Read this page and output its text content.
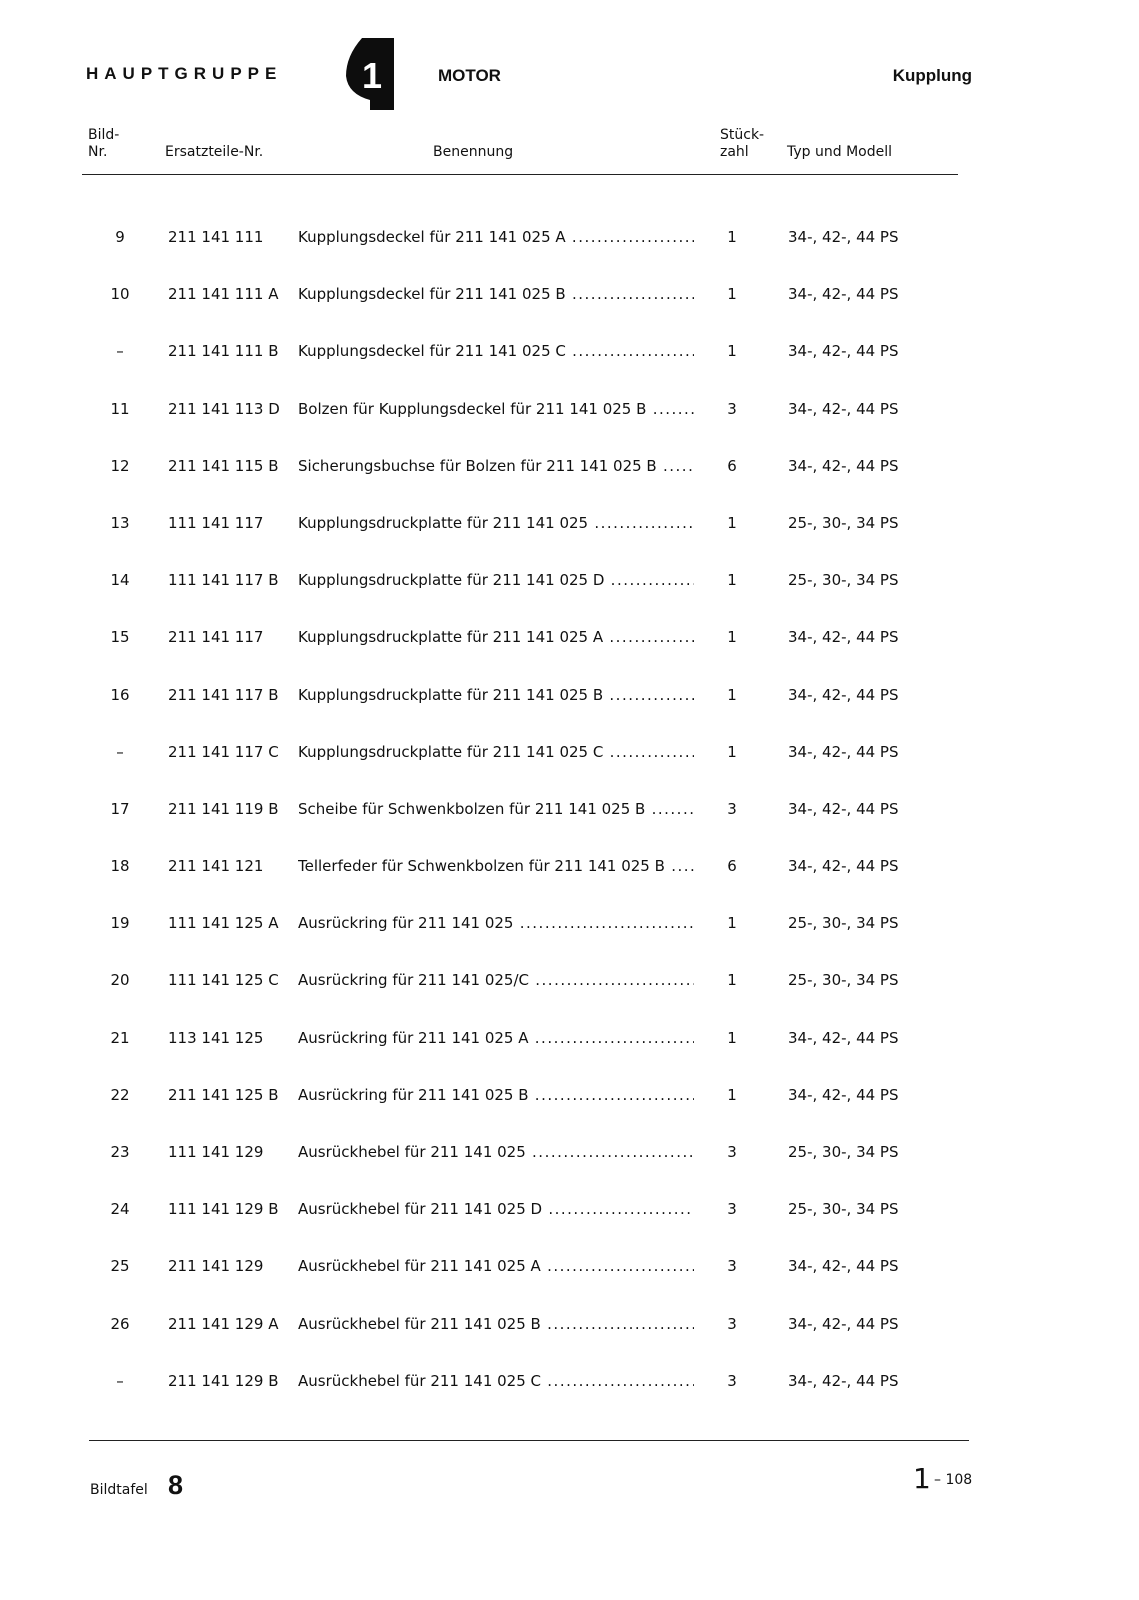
HAUPTGRUPPE 1	MOTOR	Kupplung
Bild-
Nr.	Ersatzteile-Nr.	Benennung
Stück-
zahl	Typ und Modell
9	211 141 111 Kupplungsdeckel für 211 141 025 A .....	1	34-, 42-, 44 PS
10	211 141 111 A Kupplungsdeckel für 211 141 025 B .....	1	34-, 42-, 44 PS
–	211 141 111 B Kupplungsdeckel für 211 141 025 C .....	1	34-, 42-, 44 PS
11	211 141 113 D Bolzen für Kupplungsdeckel für 211 141 025 B .....	3	34-, 42-, 44 PS
12	211 141 115 B Sicherungsbuchse für Bolzen für 211 141 025 B .....	6	34-, 42-, 44 PS
13	111 141 117 Kupplungsdruckplatte für 211 141 025 .....	1	25-, 30-, 34 PS
14	111 141 117 B Kupplungsdruckplatte für 211 141 025 D .....	1	25-, 30-, 34 PS
15	211 141 117 Kupplungsdruckplatte für 211 141 025 A .....	1	34-, 42-, 44 PS
16	211 141 117 B Kupplungsdruckplatte für 211 141 025 B .....	1	34-, 42-, 44 PS
–	211 141 117 C Kupplungsdruckplatte für 211 141 025 C .....	1	34-, 42-, 44 PS
17	211 141 119 B Scheibe für Schwenkbolzen für 211 141 025 B .....	3	34-, 42-, 44 PS
18	211 141 121 Tellerfeder für Schwenkbolzen für 211 141 025 B .....	6	34-, 42-, 44 PS
19	111 141 125 A Ausrückring für 211 141 025 .....	1	25-, 30-, 34 PS
20	111 141 125 C Ausrückring für 211 141 025/C .....	1	25-, 30-, 34 PS
21	113 141 125 Ausrückring für 211 141 025 A .....	1	34-, 42-, 44 PS
22	211 141 125 B Ausrückring für 211 141 025 B .....	1	34-, 42-, 44 PS
23	111 141 129 Ausrückhebel für 211 141 025 .....	3	25-, 30-, 34 PS
24	111 141 129 B Ausrückhebel für 211 141 025 D .....	3	25-, 30-, 34 PS
25	211 141 129 Ausrückhebel für 211 141 025 A .....	3	34-, 42-, 44 PS
26	211 141 129 A Ausrückhebel für 211 141 025 B .....	3	34-, 42-, 44 PS
–	211 141 129 B Ausrückhebel für 211 141 025 C .....	3	34-, 42-, 44 PS
Bildtafel 8	1 – 108
